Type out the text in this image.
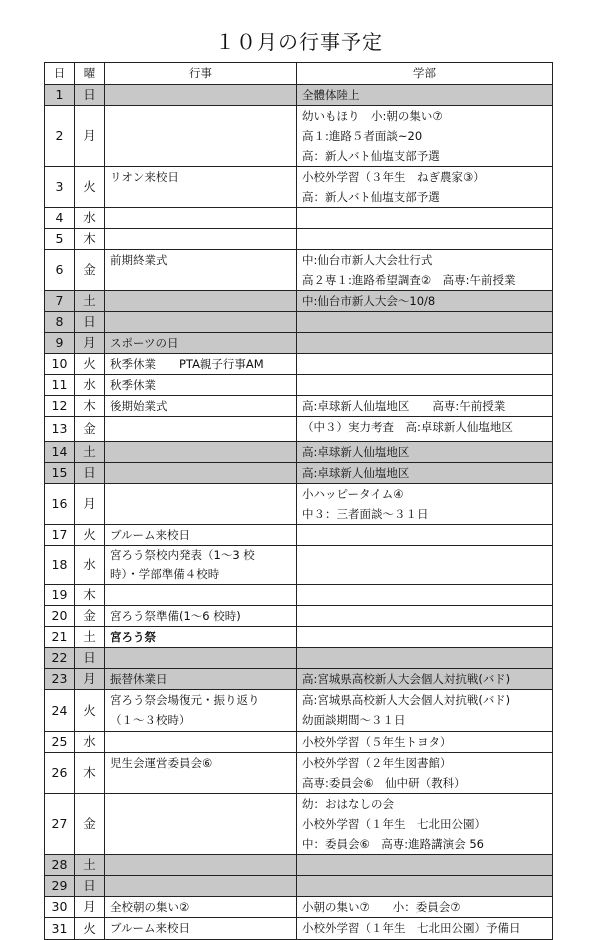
１０月の行事予定
日	曜	行事	学部
1	日		全體体陸上

2	月		幼いもほり　小:朝の集い⑦
高１:進路５者面談~20
高：新人バト仙塩支部予選

3	火	リオン来校日	小校外学習（３年生　ねぎ農家③）
高：新人バト仙塩支部予選

4	水		
5	木		
6	金	前期終業式	中:仙台市新人大会壮行式
高２専１:進路希望調査②　高専:午前授業

7	土		中:仙台市新人大会～10/8

8	日		
9	月	スポーツの日	

10	火	秋季休業　　PTA親子行事AM	

11	水	秋季休業	

12	木	後期始業式	高:卓球新人仙塩地区　　高専:午前授業

13	金		（中３）実力考査　高:卓球新人仙塩地区

14	土		高:卓球新人仙塩地区

15	日		高:卓球新人仙塩地区

16	月		小ハッピータイム④
中３：三者面談～３１日

17	火	ブルーム来校日	

18	水	宮ろう祭校内発表（1～3 校
時）・学部準備４校時	

19	木		
20	金	宮ろう祭準備(1～6 校時)	

21	土	宮ろう祭	

22	日		
23	月	振替休業日	高:宮城県高校新人大会個人対抗戦(バド)

24	火	宮ろう祭会場復元・振り返り
（１～３校時）	高:宮城県高校新人大会個人対抗戦(バド)
幼面談期間～３１日

25	水		小校外学習（５年生トヨタ）

26	木	児生会運営委員会⑥	小校外学習（２年生図書館）
高専:委員会⑥　仙中研（教科）

27	金		幼：おはなしの会
小校外学習（１年生　七北田公園）
中：委員会⑥　高専:進路講演会 56

28	土		
29	日		
30	月	全校朝の集い②	小朝の集い⑦　　小：委員会⑦

31	火	ブルーム来校日	小校外学習（１年生　七北田公園）予備日
